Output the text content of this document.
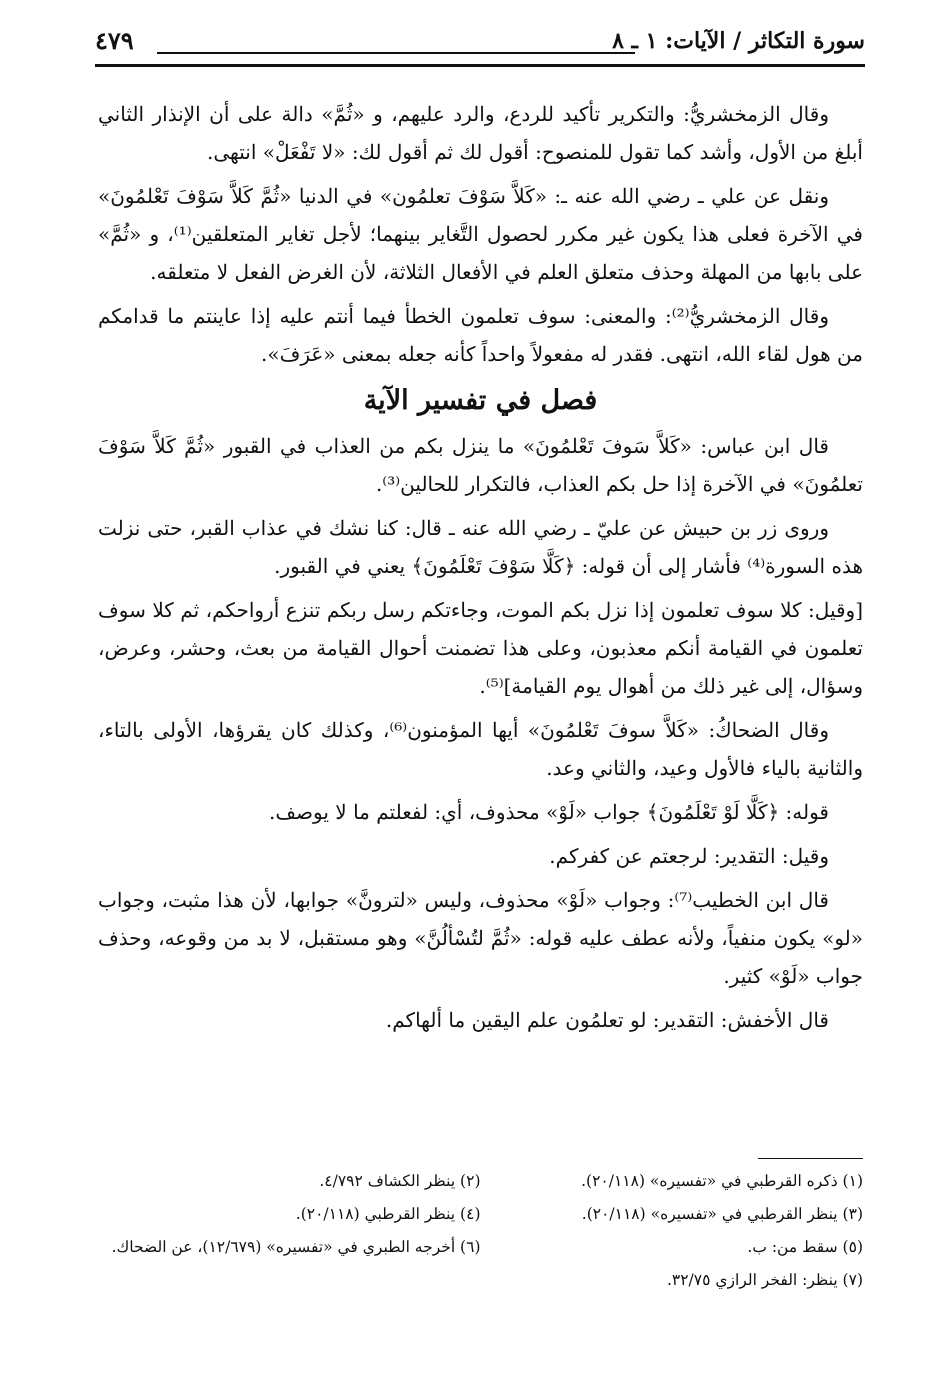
سورة التكاثر / الآيات: ١ ـ ٨
٤٧٩

وقال الزمخشريُّ: والتكرير تأكيد للردع، والرد عليهم، و «ثُمَّ» دالة على أن الإنذار الثاني أبلغ من الأول، وأشد كما تقول للمنصوح: أقول لك ثم أقول لك: «لا تَفْعَلْ» انتهى.

ونقل عن علي ـ رضي الله عنه ـ: «كَلاَّ سَوْفَ تعلمُون» في الدنيا «ثُمَّ كَلاَّ سَوْفَ تَعْلمُونَ» في الآخرة فعلى هذا يكون غير مكرر لحصول التَّغاير بينهما؛ لأجل تغاير المتعلقين⁽¹⁾، و «ثُمَّ» على بابها من المهلة وحذف متعلق العلم في الأفعال الثلاثة، لأن الغرض الفعل لا متعلقه.

وقال الزمخشريُّ⁽²⁾: والمعنى: سوف تعلمون الخطأ فيما أنتم عليه إذا عاينتم ما قدامكم من هول لقاء الله، انتهى. فقدر له مفعولاً واحداً كأنه جعله بمعنى «عَرَفَ».

فصل في تفسير الآية

قال ابن عباس: «كَلاَّ سَوفَ تَعْلمُونَ» ما ينزل بكم من العذاب في القبور «ثُمَّ كَلاَّ سَوْفَ تعلمُونَ» في الآخرة إذا حل بكم العذاب، فالتكرار للحالين⁽³⁾.

وروى زر بن حبيش عن عليّ ـ رضي الله عنه ـ قال: كنا نشك في عذاب القبر، حتى نزلت هذه السورة⁽⁴⁾ فأشار إلى أن قوله: ﴿كَلَّا سَوْفَ تَعْلَمُونَ﴾ يعني في القبور.

[وقيل: كلا سوف تعلمون إذا نزل بكم الموت، وجاءتكم رسل ربكم تنزع أرواحكم، ثم كلا سوف تعلمون في القيامة أنكم معذبون، وعلى هذا تضمنت أحوال القيامة من بعث، وحشر، وعرض، وسؤال، إلى غير ذلك من أهوال يوم القيامة]⁽⁵⁾.

وقال الضحاكُ: «كَلاَّ سوفَ تَعْلمُونَ» أيها المؤمنون⁽⁶⁾، وكذلك كان يقرؤها، الأولى بالتاء، والثانية بالياء فالأول وعيد، والثاني وعد.

قوله: ﴿كَلَّا لَوْ تَعْلَمُونَ﴾ جواب «لَوْ» محذوف، أي: لفعلتم ما لا يوصف.

وقيل: التقدير: لرجعتم عن كفركم.

قال ابن الخطيب⁽⁷⁾: وجواب «لَوْ» محذوف، وليس «لترونَّ» جوابها، لأن هذا مثبت، وجواب «لو» يكون منفياً، ولأنه عطف عليه قوله: «ثُمَّ لتُسْألُنَّ» وهو مستقبل، لا بد من وقوعه، وحذف جواب «لَوْ» كثير.

قال الأخفش: التقدير: لو تعلمُون علم اليقين ما ألهاكم.

(١) ذكره القرطبي في «تفسيره» (٢٠/١١٨).
(٢) ينظر الكشاف ٤/٧٩٢.
(٣) ينظر القرطبي في «تفسيره» (٢٠/١١٨).
(٤) ينظر القرطبي (٢٠/١١٨).
(٥) سقط من: ب.
(٦) أخرجه الطبري في «تفسيره» (١٢/٦٧٩)، عن الضحاك.
(٧) ينظر: الفخر الرازي ٣٢/٧٥.
